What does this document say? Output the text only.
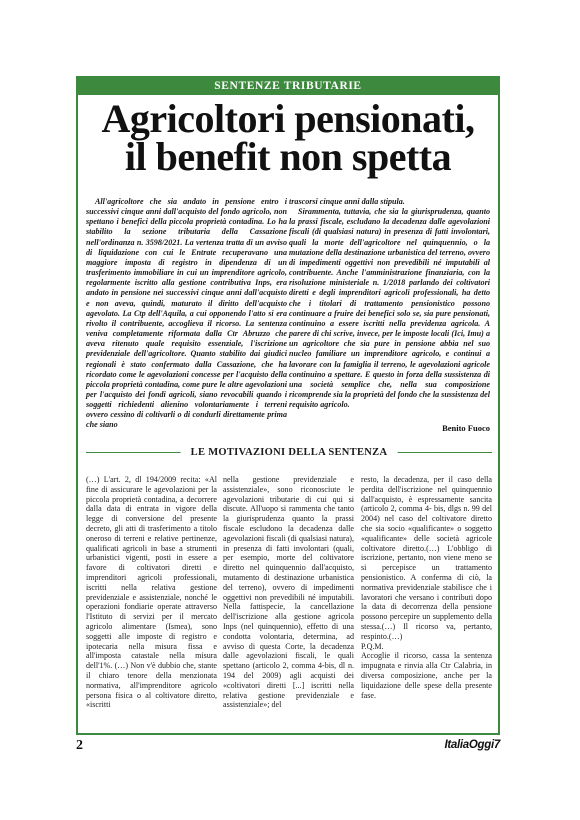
SENTENZE TRIBUTARIE
Agricoltori pensionati,
il benefit non spetta

All'agricoltore che sia andato in pensione entro i successivi cinque anni dall'acquisto del fondo agricolo, non spettano i benefici della piccola proprietà contadina. Lo ha stabilito la sezione tributaria della Cassazione nell'ordinanza n. 3598/2021. La vertenza tratta di un avviso di liquidazione con cui le Entrate recuperavano una maggiore imposta di registro in dipendenza di un trasferimento immobiliare in cui un imprenditore agricolo, regolarmente iscritto alla gestione contributiva Inps, era andato in pensione nei successivi cinque anni dall'acquisto e non aveva, quindi, maturato il diritto dell'acquisto agevolato. La Ctp dell'Aquila, a cui opponendo l'atto si era rivolto il contribuente, accoglieva il ricorso. La sentenza veniva completamente riformata dalla Ctr Abruzzo che aveva ritenuto quale requisito essenziale, l'iscrizione previdenziale dell'agricoltore. Quanto stabilito dai giudici regionali è stato confermato dalla Cassazione, che ha ricordato come le agevolazioni concesse per l'acquisto della piccola proprietà contadina, come pure le altre agevolazioni per l'acquisto dei fondi agricoli, siano revocabili quando i soggetti richiedenti alienino volontariamente i terreni ovvero cessino di coltivarli o di condurli direttamente prima che siano

trascorsi cinque anni dalla stipula.

Sirammenta, tuttavia, che sia la giurisprudenza, quanto la prassi fiscale, escludano la decadenza dalle agevolazioni fiscali (di qualsiasi natura) in presenza di fatti involontari, quali la morte dell'agricoltore nel quinquennio, o la mutazione della destinazione urbanistica del terreno, ovvero di impedimenti oggettivi non prevedibili né imputabili al contribuente. Anche l'amministrazione finanziaria, con la risoluzione ministeriale n. 1/2018 parlando dei coltivatori diretti e degli imprenditori agricoli professionali, ha detto che i titolari di trattamento pensionistico possono continuare a fruire dei benefici solo se, sia pure pensionati, continuino a essere iscritti nella previdenza agricola. A parere di chi scrive, invece, per le imposte locali (Ici, Imu) a un agricoltore che sia pure in pensione abbia nel suo nucleo familiare un imprenditore agricolo, e continui a lavorare con la famiglia il terreno, le agevolazioni agricole continuino a spettare. E questo in forza della sussistenza di una società semplice che, nella sua composizione ricomprende sia la proprietà del fondo che la sussistenza del requisito agricolo.

Benito Fuoco
LE MOTIVAZIONI DELLA SENTENZA

(…) L'art. 2, dl 194/2009 recita: «Al fine di assicurare le agevolazioni per la piccola proprietà contadina, a decorrere dalla data di entrata in vigore della legge di conversione del presente decreto, gli atti di trasferimento a titolo oneroso di terreni e relative pertinenze, qualificati agricoli in base a strumenti urbanistici vigenti, posti in essere a favore di coltivatori diretti e imprenditori agricoli professionali, iscritti nella relativa gestione previdenziale e assistenziale, nonché le operazioni fondiarie operate attraverso l'Istituto di servizi per il mercato agricolo alimentare (Ismea), sono soggetti alle imposte di registro e ipotecaria nella misura fissa e all'imposta catastale nella misura dell'1%. (…) Non v'è dubbio che, stante il chiaro tenore della menzionata normativa, all'imprenditore agricolo persona fisica o al coltivatore diretto, «iscritti

nella gestione previdenziale e assistenziale», sono riconosciute le agevolazioni tributarie di cui qui si discute. All'uopo si rammenta che tanto la giurisprudenza quanto la prassi fiscale escludono la decadenza dalle agevolazioni fiscali (di qualsiasi natura), in presenza di fatti involontari (quali, per esempio, morte del coltivatore diretto nel quinquennio dall'acquisto, mutamento di destinazione urbanistica del terreno), ovvero di impedimenti oggettivi non prevedibili né imputabili. Nella fattispecie, la cancellazione dell'iscrizione alla gestione agricola Inps (nel quinquennio), effetto di una condotta volontaria, determina, ad avviso di questa Corte, la decadenza dalle agevolazioni fiscali, le quali spettano (articolo 2, comma 4-bis, dl n. 194 del 2009) agli acquisti dei «coltivatori diretti [...] iscritti nella relativa gestione previdenziale e assistenziale»; del

resto, la decadenza, per il caso della perdita dell'iscrizione nel quinquennio dall'acquisto, è espressamente sancita (articolo 2, comma 4- bis, dlgs n. 99 del 2004) nel caso del coltivatore diretto che sia socio «qualificante» o soggetto «qualificante» delle società agricole coltivatore diretto.(…) L'obbligo di iscrizione, pertanto, non viene meno se si percepisce un trattamento pensionistico. A conferma di ciò, la normativa previdenziale stabilisce che i lavoratori che versano i contributi dopo la data di decorrenza della pensione possono percepire un supplemento della stessa.(…) Il ricorso va, pertanto, respinto.(…)

P.Q.M.

Accoglie il ricorso, cassa la sentenza impugnata e rinvia alla Ctr Calabria, in diversa composizione, anche per la liquidazione delle spese della presente fase.

2	ItaliaOggi7
